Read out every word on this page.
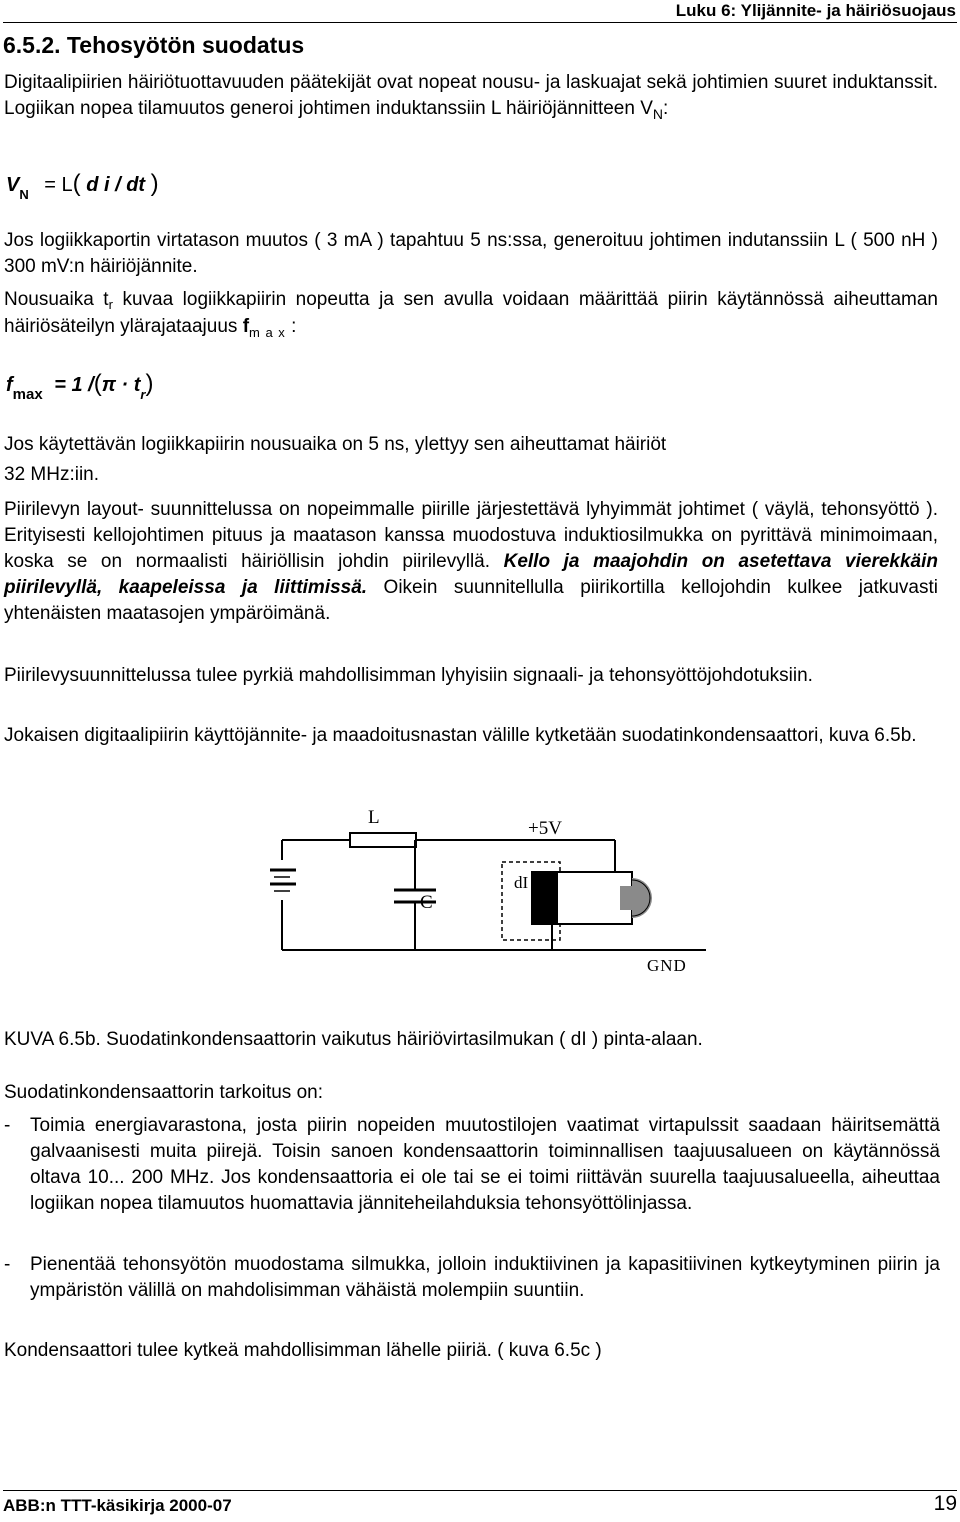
Luku 6: Ylijännite- ja häiriösuojaus
6.5.2. Tehosyötön suodatus
Digitaalipiirien häiriötuottavuuden päätekijät ovat nopeat nousu- ja laskuajat sekä johtimien suuret induktanssit. Logiikan nopea tilamuutos generoi johtimen induktanssiin L häiriöjännitteen $V_N$:
$V_N = L$( d i / dt )
Jos logiikkaportin virtatason muutos ( 3 mA ) tapahtuu 5 ns:ssa, generoituu johtimen indutanssiin L ( 500 nH ) 300 mV:n häiriöjännite.
Nousuaika $t_r$ kuvaa logiikkapiirin nopeutta ja sen avulla voidaan määrittää piirin käytännössä aiheuttaman häiriösäteilyn ylärajataajuus $f_{m a x}$ :
$f_{max} = 1$ $/(\pi \cdot t_r)$
Jos käytettävän logiikkapiirin nousuaika on 5 ns, ylettyy sen aiheuttamat häiriöt
32 MHz:iin.
Piirilevyn layout- suunnittelussa on nopeimmalle piirille järjestettävä lyhyimmät johtimet ( väylä, tehonsyöttö ). Erityisesti kellojohtimen pituus ja maatason kanssa muodostuva induktiosilmukka on pyrittävä minimoimaan, koska se on normaalisti häiriöllisin johdin piirilevyllä. Kello ja maajohdin on asetettava vierekkäin piirilevyllä, kaapeleissa ja liittimissä. Oikein suunnitellulla piirikortilla kellojohdin kulkee jatkuvasti yhtenäisten maatasojen ympäröimänä.
Piirilevysuunnittelussa tulee pyrkiä mahdollisimman lyhyisiin signaali- ja tehonsyöttöjohdotuksiin.
Jokaisen digitaalipiirin käyttöjännite- ja maadoitusnastan välille kytketään suodatinkondensaattori, kuva 6.5b.
L
+5V
C
dI
GND
KUVA 6.5b. Suodatinkondensaattorin vaikutus häiriövirtasilmukan ( dI ) pinta-alaan.
Suodatinkondensaattorin tarkoitus on:
- Toimia energiavarastona, josta piirin nopeiden muutostilojen vaatimat virtapulssit saadaan häiritsemättä galvaanisesti muita piirejä. Toisin sanoen kondensaattorin toiminnallisen taajuusalueen on käytännössä oltava 10... 200 MHz. Jos kondensaattoria ei ole tai se ei toimi riittävän suurella taajuusalueella, aiheuttaa logiikan nopea tilamuutos huomattavia jänniteheilahduksia tehonsyöttölinjassa.
- Pienentää tehonsyötön muodostama silmukka, jolloin induktiivinen ja kapasitiivinen kytkeytyminen piirin ja ympäristön välillä on mahdolisimman vähäistä molempiin suuntiin.
Kondensaattori tulee kytkeä mahdollisimman lähelle piiriä. ( kuva 6.5c )
ABB:n TTT-käsikirja 2000-07	19
